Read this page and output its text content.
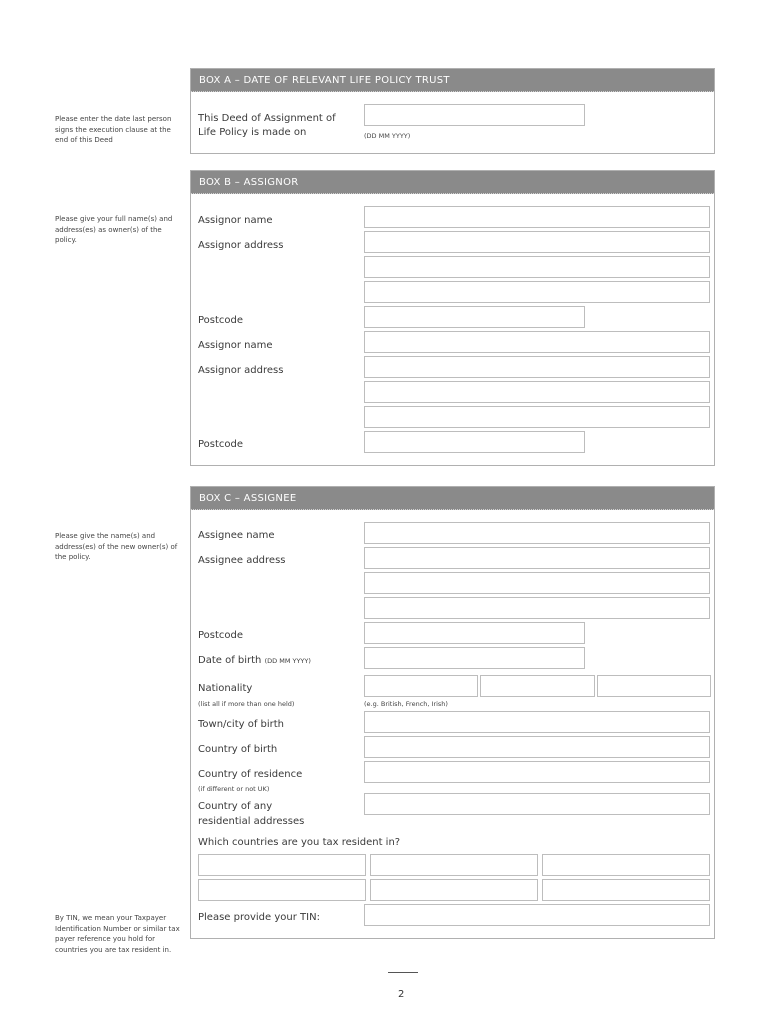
Please enter the date last person signs the execution clause at the end of this Deed
BOX A – DATE OF RELEVANT LIFE POLICY TRUST
This Deed of Assignment of
Life Policy is made on	(DD MM YYYY)
Please give your full name(s) and address(es) as owner(s) of the policy.
BOX B – ASSIGNOR
Assignor name
Assignor address
Postcode
Assignor name
Assignor address
Postcode
Please give the name(s) and address(es) of the new owner(s) of the policy.
BOX C – ASSIGNEE
Assignee name
Assignee address
Postcode
Date of birth (DD MM YYYY)
Nationality
(list all if more than one held)	(e.g. British, French, Irish)
Town/city of birth
Country of birth
Country of residence
(if different or not UK)
Country of any
residential addresses
Which countries are you tax resident in?
By TIN, we mean your Taxpayer Identification Number or similar tax payer reference you hold for countries you are tax resident in.
Please provide your TIN:
2
